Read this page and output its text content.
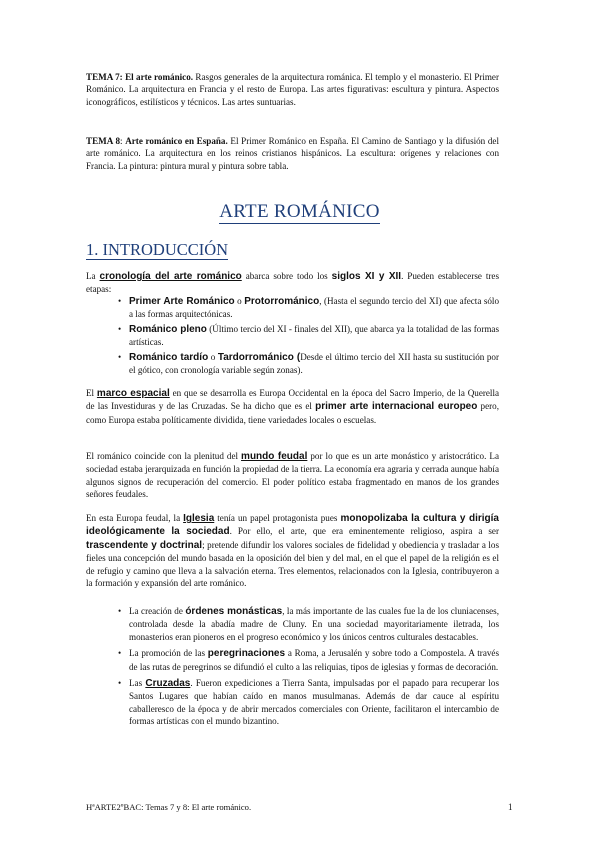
TEMA 7: El arte románico. Rasgos generales de la arquitectura románica. El templo y el monasterio. El Primer Románico. La arquitectura en Francia y el resto de Europa. Las artes figurativas: escultura y pintura. Aspectos iconográficos, estilísticos y técnicos. Las artes suntuarias.
TEMA 8: Arte románico en España. El Primer Románico en España. El Camino de Santiago y la difusión del arte románico. La arquitectura en los reinos cristianos hispánicos. La escultura: orígenes y relaciones con Francia. La pintura: pintura mural y pintura sobre tabla.
ARTE ROMÁNICO
1. INTRODUCCIÓN

La cronología del arte románico abarca sobre todo los siglos XI y XII. Pueden establecerse tres etapas:

• Primer Arte Románico o Protorrománico, (Hasta el segundo tercio del XI) que afecta sólo a las formas arquitectónicas.
• Románico pleno (Último tercio del XI - finales del XII), que abarca ya la totalidad de las formas artísticas.
• Románico tardío o Tardorrománico (Desde el último tercio del XII hasta su sustitución por el gótico, con cronología variable según zonas).

El marco espacial en que se desarrolla es Europa Occidental en la época del Sacro Imperio, de la Querella de las Investiduras y de las Cruzadas. Se ha dicho que es el primer arte internacional europeo pero, como Europa estaba políticamente dividida, tiene variedades locales o escuelas.

El románico coincide con la plenitud del mundo feudal por lo que es un arte monástico y aristocrático. La sociedad estaba jerarquizada en función la propiedad de la tierra. La economía era agraria y cerrada aunque había algunos signos de recuperación del comercio. El poder político estaba fragmentado en manos de los grandes señores feudales.

En esta Europa feudal, la Iglesia tenía un papel protagonista pues monopolizaba la cultura y dirigía ideológicamente la sociedad. Por ello, el arte, que era eminentemente religioso, aspira a ser trascendente y doctrinal; pretende difundir los valores sociales de fidelidad y obediencia y trasladar a los fieles una concepción del mundo basada en la oposición del bien y del mal, en el que el papel de la religión es el de refugio y camino que lleva a la salvación eterna. Tres elementos, relacionados con la Iglesia, contribuyeron a la formación y expansión del arte románico.

• La creación de órdenes monásticas, la más importante de las cuales fue la de los cluniacenses, controlada desde la abadía madre de Cluny. En una sociedad mayoritariamente iletrada, los monasterios eran pioneros en el progreso económico y los únicos centros culturales destacables.
• La promoción de las peregrinaciones a Roma, a Jerusalén y sobre todo a Compostela. A través de las rutas de peregrinos se difundió el culto a las reliquias, tipos de iglesias y formas de decoración.
• Las Cruzadas. Fueron expediciones a Tierra Santa, impulsadas por el papado para recuperar los Santos Lugares que habían caído en manos musulmanas. Además de dar cauce al espíritu caballeresco de la época y de abrir mercados comerciales con Oriente, facilitaron el intercambio de formas artísticas con el mundo bizantino.
HªARTE2ºBAC: Temas 7 y 8: El arte románico.	1
